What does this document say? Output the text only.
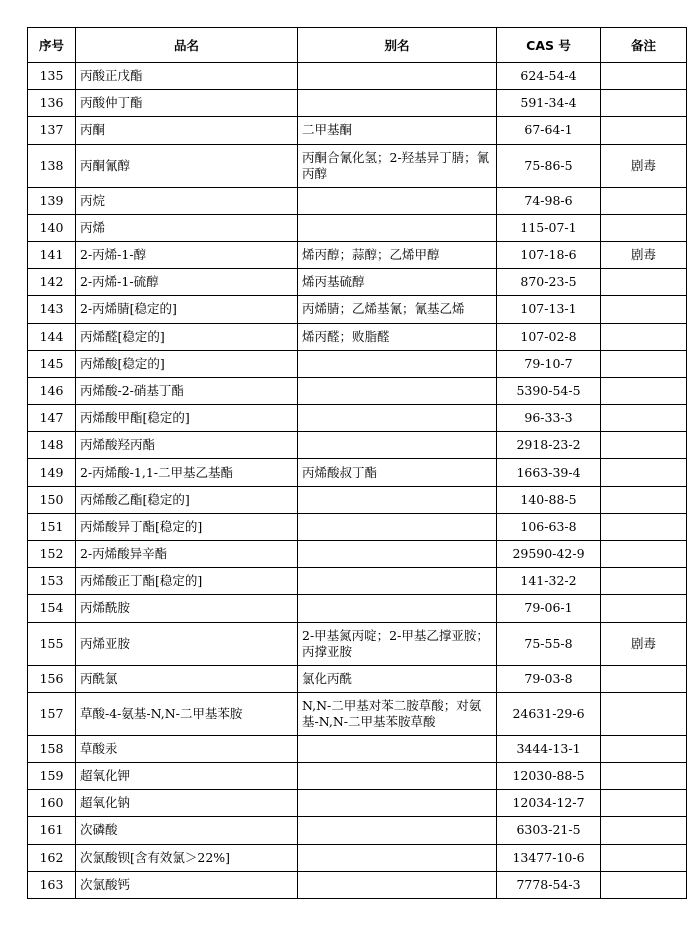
序号	品名	别名	CAS 号	备注
135	丙酸正戊酯		624-54-4	
136	丙酸仲丁酯		591-34-4	
137	丙酮	二甲基酮	67-64-1	
138	丙酮氰醇	丙酮合氰化氢；2-羟基异丁腈；氰丙醇	75-86-5	剧毒
139	丙烷		74-98-6	
140	丙烯		115-07-1	
141	2-丙烯-1-醇	烯丙醇；蒜醇；乙烯甲醇	107-18-6	剧毒
142	2-丙烯-1-硫醇	烯丙基硫醇	870-23-5	
143	2-丙烯腈[稳定的]	丙烯腈；乙烯基氰；氰基乙烯	107-13-1	
144	丙烯醛[稳定的]	烯丙醛；败脂醛	107-02-8	
145	丙烯酸[稳定的]		79-10-7	
146	丙烯酸-2-硝基丁酯		5390-54-5	
147	丙烯酸甲酯[稳定的]		96-33-3	
148	丙烯酸羟丙酯		2918-23-2	
149	2-丙烯酸-1,1-二甲基乙基酯	丙烯酸叔丁酯	1663-39-4	
150	丙烯酸乙酯[稳定的]		140-88-5	
151	丙烯酸异丁酯[稳定的]		106-63-8	
152	2-丙烯酸异辛酯		29590-42-9	
153	丙烯酸正丁酯[稳定的]		141-32-2	
154	丙烯酰胺		79-06-1	
155	丙烯亚胺	2-甲基氮丙啶；2-甲基乙撑亚胺；丙撑亚胺	75-55-8	剧毒
156	丙酰氯	氯化丙酰	79-03-8	
157	草酸-4-氨基-N,N-二甲基苯胺	N,N-二甲基对苯二胺草酸；对氨基-N,N-二甲基苯胺草酸	24631-29-6	
158	草酸汞		3444-13-1	
159	超氧化钾		12030-88-5	
160	超氧化钠		12034-12-7	
161	次磷酸		6303-21-5	
162	次氯酸钡[含有效氯＞22%]		13477-10-6	
163	次氯酸钙		7778-54-3	
